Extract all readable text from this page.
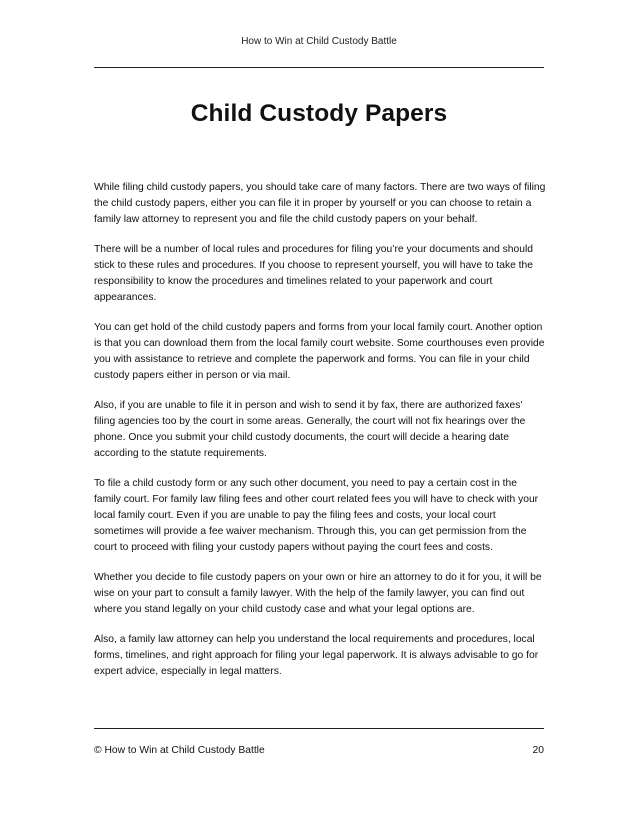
How to Win at Child Custody Battle
Child Custody Papers

While filing child custody papers, you should take care of many factors. There are two ways of filing the child custody papers, either you can file it in proper by yourself or you can choose to retain a family law attorney to represent you and file the child custody papers on your behalf.

There will be a number of local rules and procedures for filing you’re your documents and should stick to these rules and procedures. If you choose to represent yourself, you will have to take the responsibility to know the procedures and timelines related to your paperwork and court appearances.

You can get hold of the child custody papers and forms from your local family court. Another option is that you can download them from the local family court website. Some courthouses even provide you with assistance to retrieve and complete the paperwork and forms. You can file in your child custody papers either in person or via mail.

Also, if you are unable to file it in person and wish to send it by fax, there are authorized faxes’ filing agencies too by the court in some areas. Generally, the court will not fix hearings over the phone. Once you submit your child custody documents, the court will decide a hearing date according to the statute requirements.

To file a child custody form or any such other document, you need to pay a certain cost in the family court. For family law filing fees and other court related fees you will have to check with your local family court. Even if you are unable to pay the filing fees and costs, your local court sometimes will provide a fee waiver mechanism. Through this, you can get permission from the court to proceed with filing your custody papers without paying the court fees and costs.

Whether you decide to file custody papers on your own or hire an attorney to do it for you, it will be wise on your part to consult a family lawyer. With the help of the family lawyer, you can find out where you stand legally on your child custody case and what your legal options are.

Also, a family law attorney can help you understand the local requirements and procedures, local forms, timelines, and right approach for filing your legal paperwork. It is always advisable to go for expert advice, especially in legal matters.

© How to Win at Child Custody Battle	20
